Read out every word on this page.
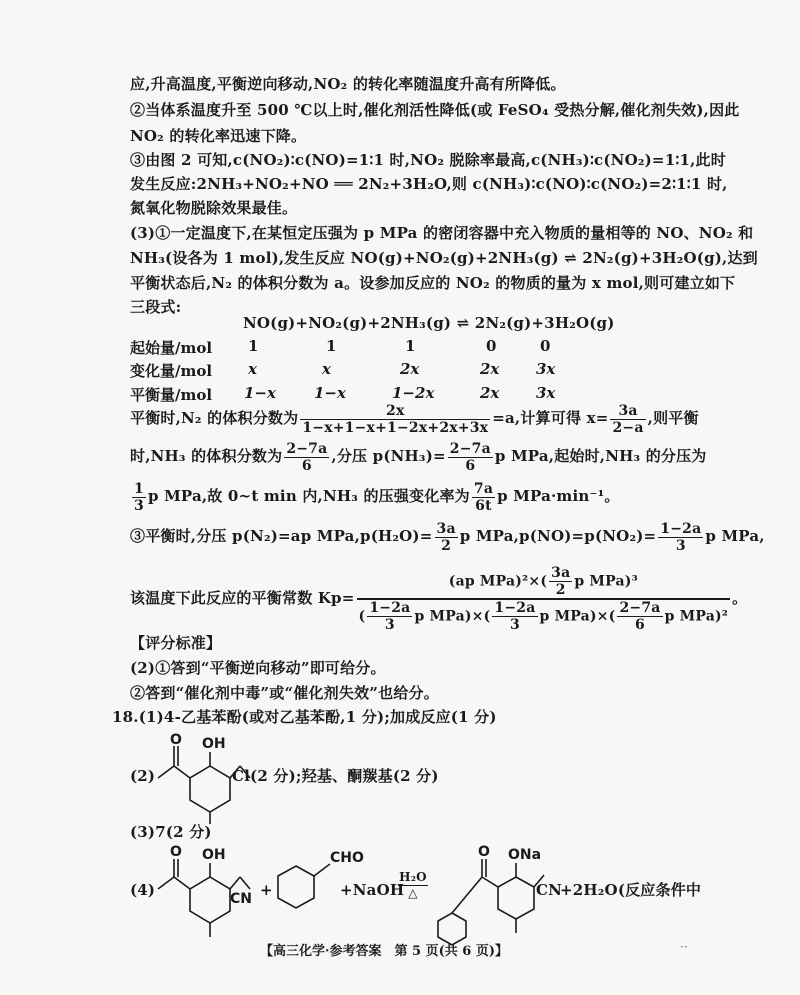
应,升高温度,平衡逆向移动,NO₂ 的转化率随温度升高有所降低。
②当体系温度升至 500 ℃以上时,催化剂活性降低(或 FeSO₄ 受热分解,催化剂失效),因此
NO₂ 的转化率迅速下降。
③由图 2 可知,c(NO₂)∶c(NO)=1∶1 时,NO₂ 脱除率最高,c(NH₃)∶c(NO₂)=1∶1,此时
发生反应:2NH₃+NO₂+NO ══ 2N₂+3H₂O,则 c(NH₃)∶c(NO)∶c(NO₂)=2∶1∶1 时,
氮氧化物脱除效果最佳。
(3)①一定温度下,在某恒定压强为 p MPa 的密闭容器中充入物质的量相等的 NO、NO₂ 和
NH₃(设各为 1 mol),发生反应 NO(g)+NO₂(g)+2NH₃(g) ⇌ 2N₂(g)+3H₂O(g),达到
平衡状态后,N₂ 的体积分数为 a。设参加反应的 NO₂ 的物质的量为 x mol,则可建立如下
三段式:
NO(g)+NO₂(g)+2NH₃(g) ⇌ 2N₂(g)+3H₂O(g)
起始量/mol 1	1	1	0	0
变化量/mol x	x	2x	2x 3x
平衡量/mol 1−x	1−x	1−2x	2x 3x
平衡时,N₂ 的体积分数为 $\frac{2x}{1-x+1-x+1-2x+2x+3x} =a$,计算可得 $x= \frac{3a}{2-a}$ ,则平衡
时,NH₃ 的体积分数为 $\frac{2-7a}{6}$ ,分压 $p(NH_3)= \frac{2-7a}{6}$ p MPa,起始时,NH₃ 的分压为
$\frac{1}{3}$ p MPa,故 0~t min 内,NH₃ 的压强变化率为 $\frac{7a}{6t}$ p MPa·min⁻¹。
③平衡时,分压 p(N₂)=ap $MPa,p(H_2O)= \frac{3a}{2}$ p $MPa,p(NO)=p(NO_2)= \frac{1-2a}{3}$ p MPa,
该温度下此反应的平衡常数 $Kp= \frac{(ap MPa)^2\times( \frac{3a}{2} p MPa)^3}{( \frac{1-2a}{3} p MPa)\times( \frac{1-2a}{3} p MPa)\times( \frac{2-7a}{6} p MPa)^2}$ 。
【评分标准】
(2)①答到“平衡逆向移动”即可给分。
②答到“催化剂中毒”或“催化剂失效”也给分。
18.(1)4-乙基苯酚(或对乙基苯酚,1 分);加成反应(1 分)
(2)
O OH
Cl(2 分);羟基、酮羰基(2 分)
(3)7(2 分)
(4)
O OH
CN +
CHO
+NaOH
H₂O
△
O ONa
CN
+2H₂O(反应条件中
【高三化学·参考答案　第 5 页(共 6 页)】	··
